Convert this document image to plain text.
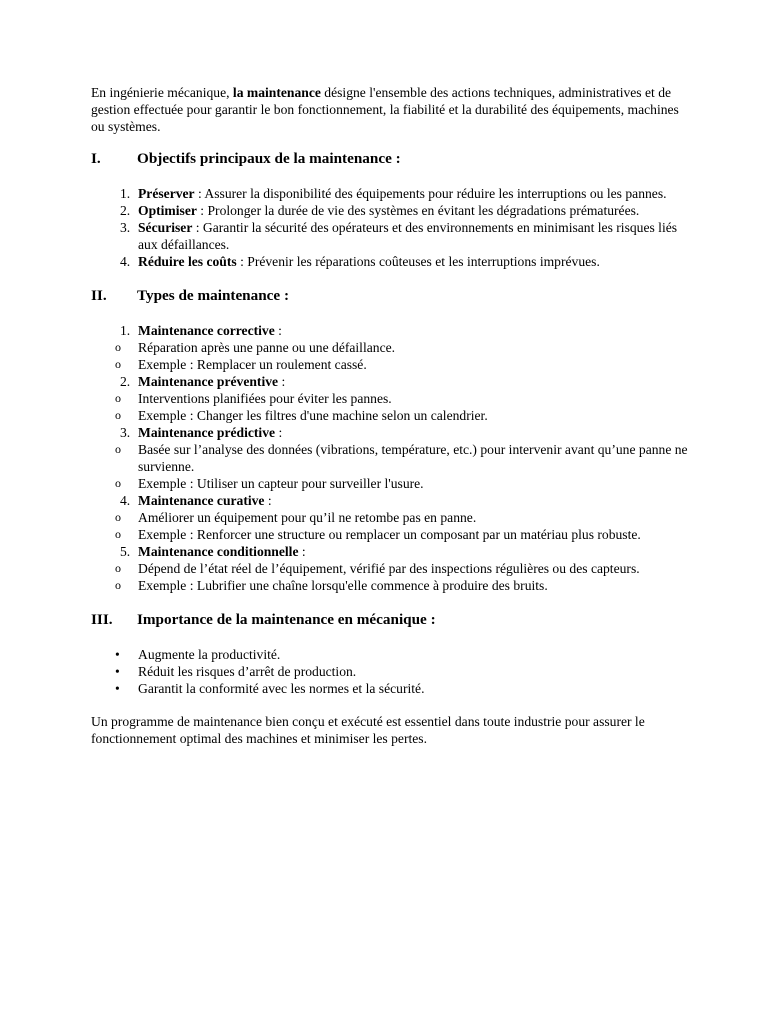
En ingénierie mécanique, la maintenance désigne l'ensemble des actions techniques, administratives et de gestion effectuée pour garantir le bon fonctionnement, la fiabilité et la durabilité des équipements, machines ou systèmes.

I.	Objectifs principaux de la maintenance :
1. Préserver : Assurer la disponibilité des équipements pour réduire les interruptions ou les pannes.
2. Optimiser : Prolonger la durée de vie des systèmes en évitant les dégradations prématurées.
3. Sécuriser : Garantir la sécurité des opérateurs et des environnements en minimisant les risques liés aux défaillances.
4. Réduire les coûts : Prévenir les réparations coûteuses et les interruptions imprévues.
II.	Types de maintenance :
1. Maintenance corrective :
o	Réparation après une panne ou une défaillance.
o	Exemple : Remplacer un roulement cassé.
2. Maintenance préventive :
o	Interventions planifiées pour éviter les pannes.
o	Exemple : Changer les filtres d'une machine selon un calendrier.
3. Maintenance prédictive :
o	Basée sur l’analyse des données (vibrations, température, etc.) pour intervenir avant qu’une panne ne survienne.
o	Exemple : Utiliser un capteur pour surveiller l'usure.
4. Maintenance curative :
o	Améliorer un équipement pour qu’il ne retombe pas en panne.
o	Exemple : Renforcer une structure ou remplacer un composant par un matériau plus robuste.
5. Maintenance conditionnelle :
o	Dépend de l’état réel de l’équipement, vérifié par des inspections régulières ou des capteurs.
o	Exemple : Lubrifier une chaîne lorsqu'elle commence à produire des bruits.
III.	Importance de la maintenance en mécanique :
•	Augmente la productivité.
•	Réduit les risques d’arrêt de production.
•	Garantit la conformité avec les normes et la sécurité.

Un programme de maintenance bien conçu et exécuté est essentiel dans toute industrie pour assurer le fonctionnement optimal des machines et minimiser les pertes.
